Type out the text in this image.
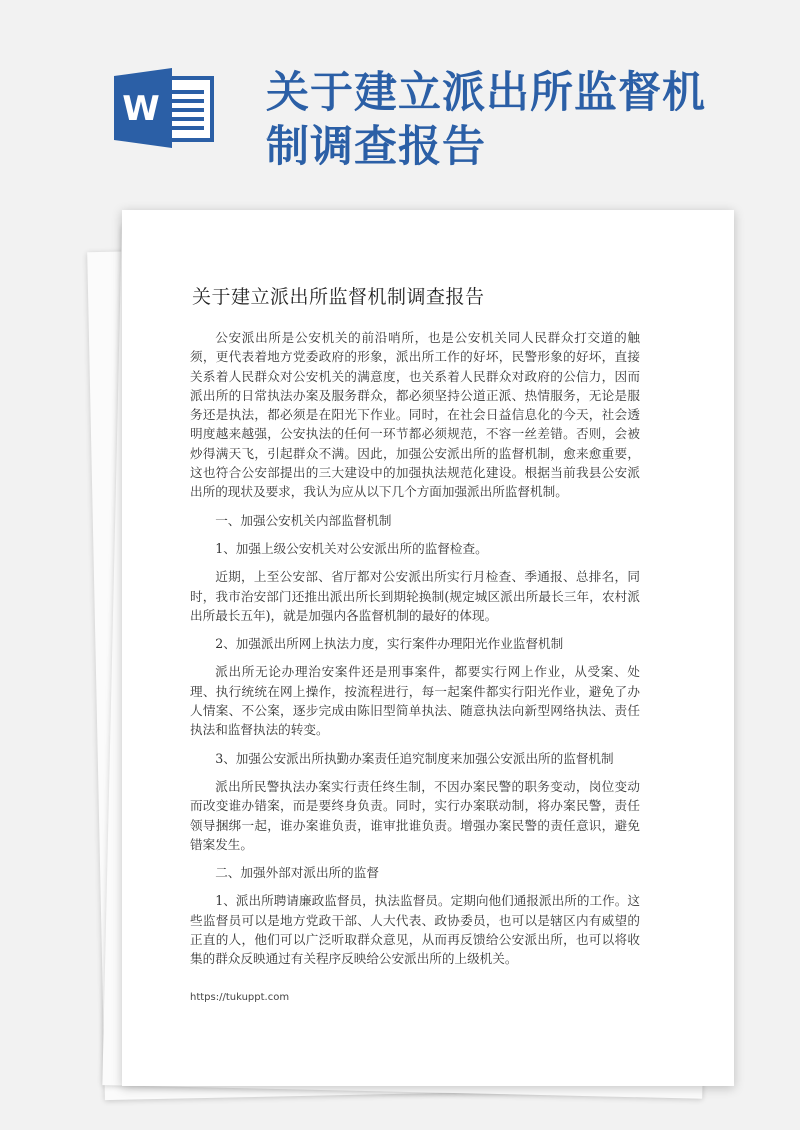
W 关于建立派出所监督机制调查报告
关于建立派出所监督机制调查报告

公安派出所是公安机关的前沿哨所，也是公安机关同人民群众打交道的触须，更代表着地方党委政府的形象，派出所工作的好坏，民警形象的好坏，直接关系着人民群众对公安机关的满意度，也关系着人民群众对政府的公信力，因而派出所的日常执法办案及服务群众，都必须坚持公道正派、热情服务，无论是服务还是执法，都必须是在阳光下作业。同时，在社会日益信息化的今天，社会透明度越来越强，公安执法的任何一环节都必须规范，不容一丝差错。否则，会被炒得满天飞，引起群众不满。因此，加强公安派出所的监督机制，愈来愈重要，这也符合公安部提出的三大建设中的加强执法规范化建设。根据当前我县公安派出所的现状及要求，我认为应从以下几个方面加强派出所监督机制。

一、加强公安机关内部监督机制

1、加强上级公安机关对公安派出所的监督检查。

近期，上至公安部、省厅都对公安派出所实行月检查、季通报、总排名，同时，我市治安部门还推出派出所长到期轮换制(规定城区派出所最长三年，农村派出所最长五年)，就是加强内各监督机制的最好的体现。

2、加强派出所网上执法力度，实行案件办理阳光作业监督机制

派出所无论办理治安案件还是刑事案件，都要实行网上作业，从受案、处理、执行统统在网上操作，按流程进行，每一起案件都实行阳光作业，避免了办人情案、不公案，逐步完成由陈旧型简单执法、随意执法向新型网络执法、责任执法和监督执法的转变。

3、加强公安派出所执勤办案责任追究制度来加强公安派出所的监督机制

派出所民警执法办案实行责任终生制，不因办案民警的职务变动，岗位变动而改变谁办错案，而是要终身负责。同时，实行办案联动制，将办案民警，责任领导捆绑一起，谁办案谁负责，谁审批谁负责。增强办案民警的责任意识，避免错案发生。

二、加强外部对派出所的监督

1、派出所聘请廉政监督员，执法监督员。定期向他们通报派出所的工作。这些监督员可以是地方党政干部、人大代表、政协委员，也可以是辖区内有威望的正直的人，他们可以广泛听取群众意见，从而再反馈给公安派出所，也可以将收集的群众反映通过有关程序反映给公安派出所的上级机关。

https://tukuppt.com
